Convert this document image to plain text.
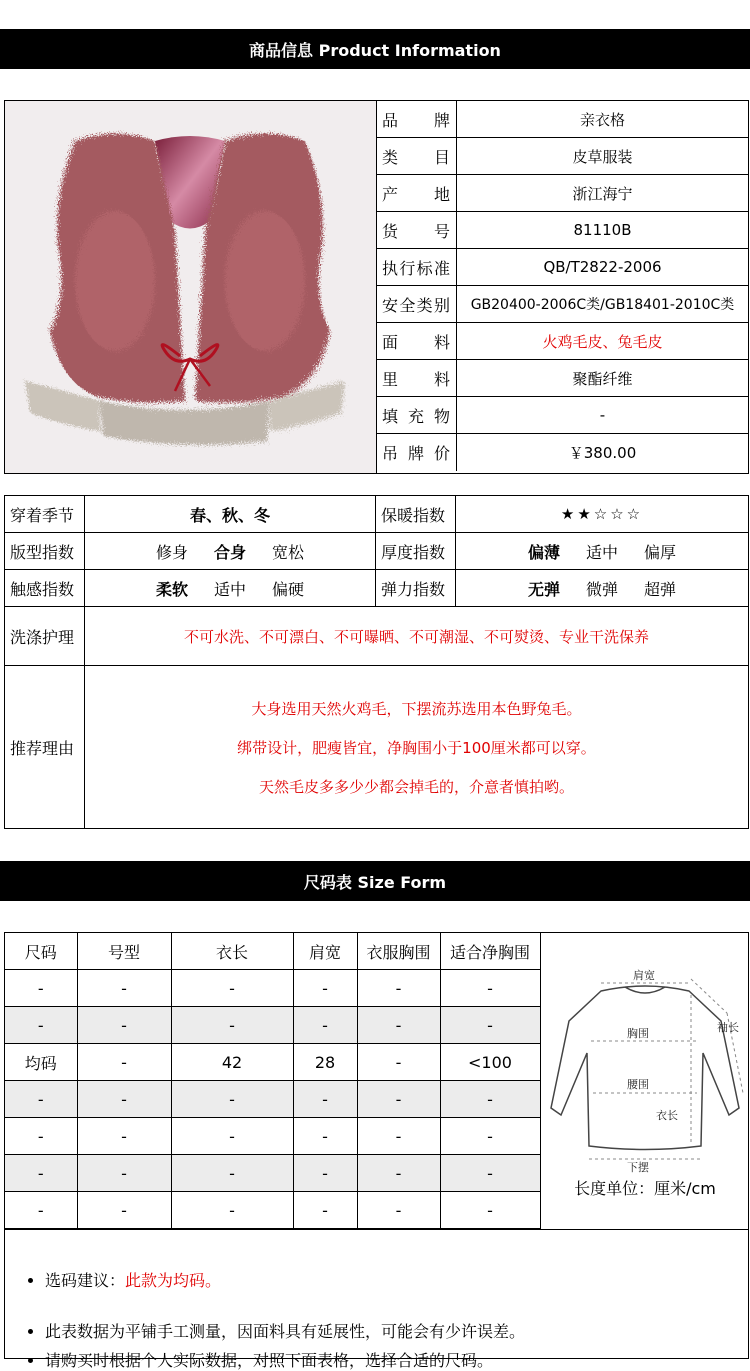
商品信息 Product Information
品牌	亲衣格
类目	皮草服装
产地	浙江海宁
货号	81110B
执行标准	QB/T2822-2006
安全类别	GB20400-2006C类/GB18401-2010C类
面料	火鸡毛皮、兔毛皮
里料	聚酯纤维
填充物	-
吊牌价	￥380.00
穿着季节	春、秋、冬	保暖指数	★★☆☆☆
版型指数	修身 合身 宽松	厚度指数	偏薄 适中 偏厚
触感指数	柔软 适中 偏硬	弹力指数	无弹 微弹 超弹
洗涤护理	不可水洗、不可漂白、不可曝晒、不可潮湿、不可熨烫、专业干洗保养
推荐理由

大身选用天然火鸡毛，下摆流苏选用本色野兔毛。

绑带设计，肥瘦皆宜，净胸围小于100厘米都可以穿。

天然毛皮多多少少都会掉毛的，介意者慎拍哟。

尺码表 Size Form
尺码	号型	衣长	肩宽	衣服胸围	适合净胸围
-	-	-	-	-	-
-	-	-	-	-	-
均码	-	42	28	-	<100
-	-	-	-	-	-
-	-	-	-	-	-
-	-	-	-	-	-
-	-	-	-	-	-
肩宽
袖长
胸围
腰围
衣长
下摆
长度单位：厘米/cm
• 选码建议：此款为均码。
• 此表数据为平铺手工测量，因面料具有延展性，可能会有少许误差。
• 请购买时根据个人实际数据，对照下面表格，选择合适的尺码。
